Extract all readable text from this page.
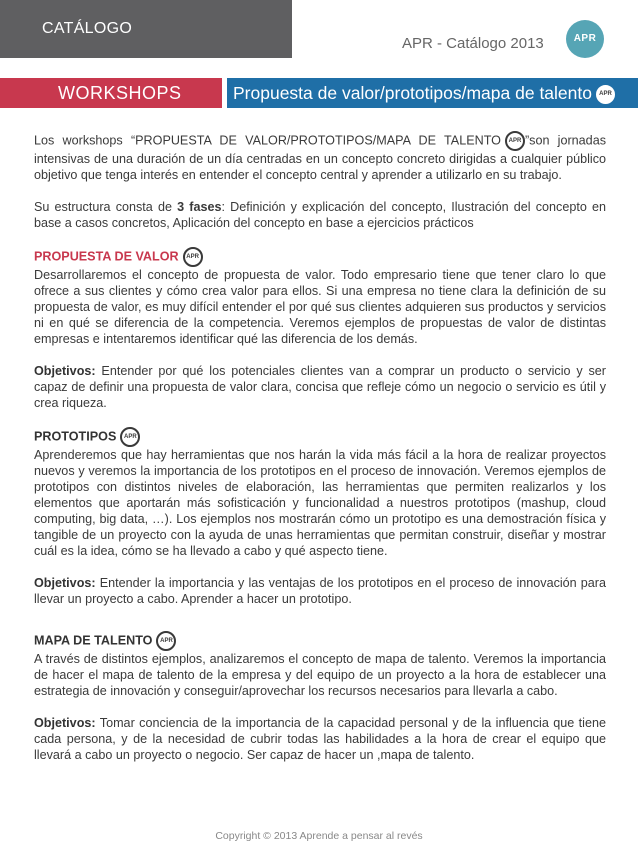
CATÁLOGO
APR - Catálogo 2013	APR
WORKSHOPS	Propuesta de valor/prototipos/mapa de talento APR

Los workshops “PROPUESTA DE VALOR/PROTOTIPOS/MAPA DE TALENTO APR ”son jornadas intensivas de una duración de un día centradas en un concepto concreto dirigidas a cualquier público objetivo que tenga interés en entender el concepto central y aprender a utilizarlo en su trabajo.

Su estructura consta de 3 fases: Definición y explicación del concepto, Ilustración del concepto en base a casos concretos, Aplicación del concepto en base a ejercicios prácticos

PROPUESTA DE VALOR APR

Desarrollaremos el concepto de propuesta de valor. Todo empresario tiene que tener claro lo que ofrece a sus clientes y cómo crea valor para ellos. Si una empresa no tiene clara la definición de su propuesta de valor, es muy difícil entender el por qué sus clientes adquieren sus productos y servicios ni en qué se diferencia de la competencia. Veremos ejemplos de propuestas de valor de distintas empresas e intentaremos identificar qué las diferencia de los demás.

Objetivos: Entender por qué los potenciales clientes van a comprar un producto o servicio y ser capaz de definir una propuesta de valor clara, concisa que refleje cómo un negocio o servicio es útil y crea riqueza.

PROTOTIPOS APR

Aprenderemos que hay herramientas que nos harán la vida más fácil a la hora de realizar proyectos nuevos y veremos la importancia de los prototipos en el proceso de innovación. Veremos ejemplos de prototipos con distintos niveles de elaboración, las herramientas que permiten realizarlos y los elementos que aportarán más sofisticación y funcionalidad a nuestros prototipos (mashup, cloud computing, big data, …). Los ejemplos nos mostrarán cómo un prototipo es una demostración física y tangible de un proyecto con la ayuda de unas herramientas que permitan construir, diseñar y mostrar cuál es la idea, cómo se ha llevado a cabo y qué aspecto tiene.

Objetivos: Entender la importancia y las ventajas de los prototipos en el proceso de innovación para llevar un proyecto a cabo. Aprender a hacer un prototipo.

MAPA DE TALENTO APR

A través de distintos ejemplos, analizaremos el concepto de mapa de talento. Veremos la importancia de hacer el mapa de talento de la empresa y del equipo de un proyecto a la hora de establecer una estrategia de innovación y conseguir/aprovechar los recursos necesarios para llevarla a cabo.

Objetivos: Tomar conciencia de la importancia de la capacidad personal y de la influencia que tiene cada persona, y de la necesidad de cubrir todas las habilidades a la hora de crear el equipo que llevará a cabo un proyecto o negocio. Ser capaz de hacer un ,mapa de talento.

Copyright © 2013 Aprende a pensar al revés
